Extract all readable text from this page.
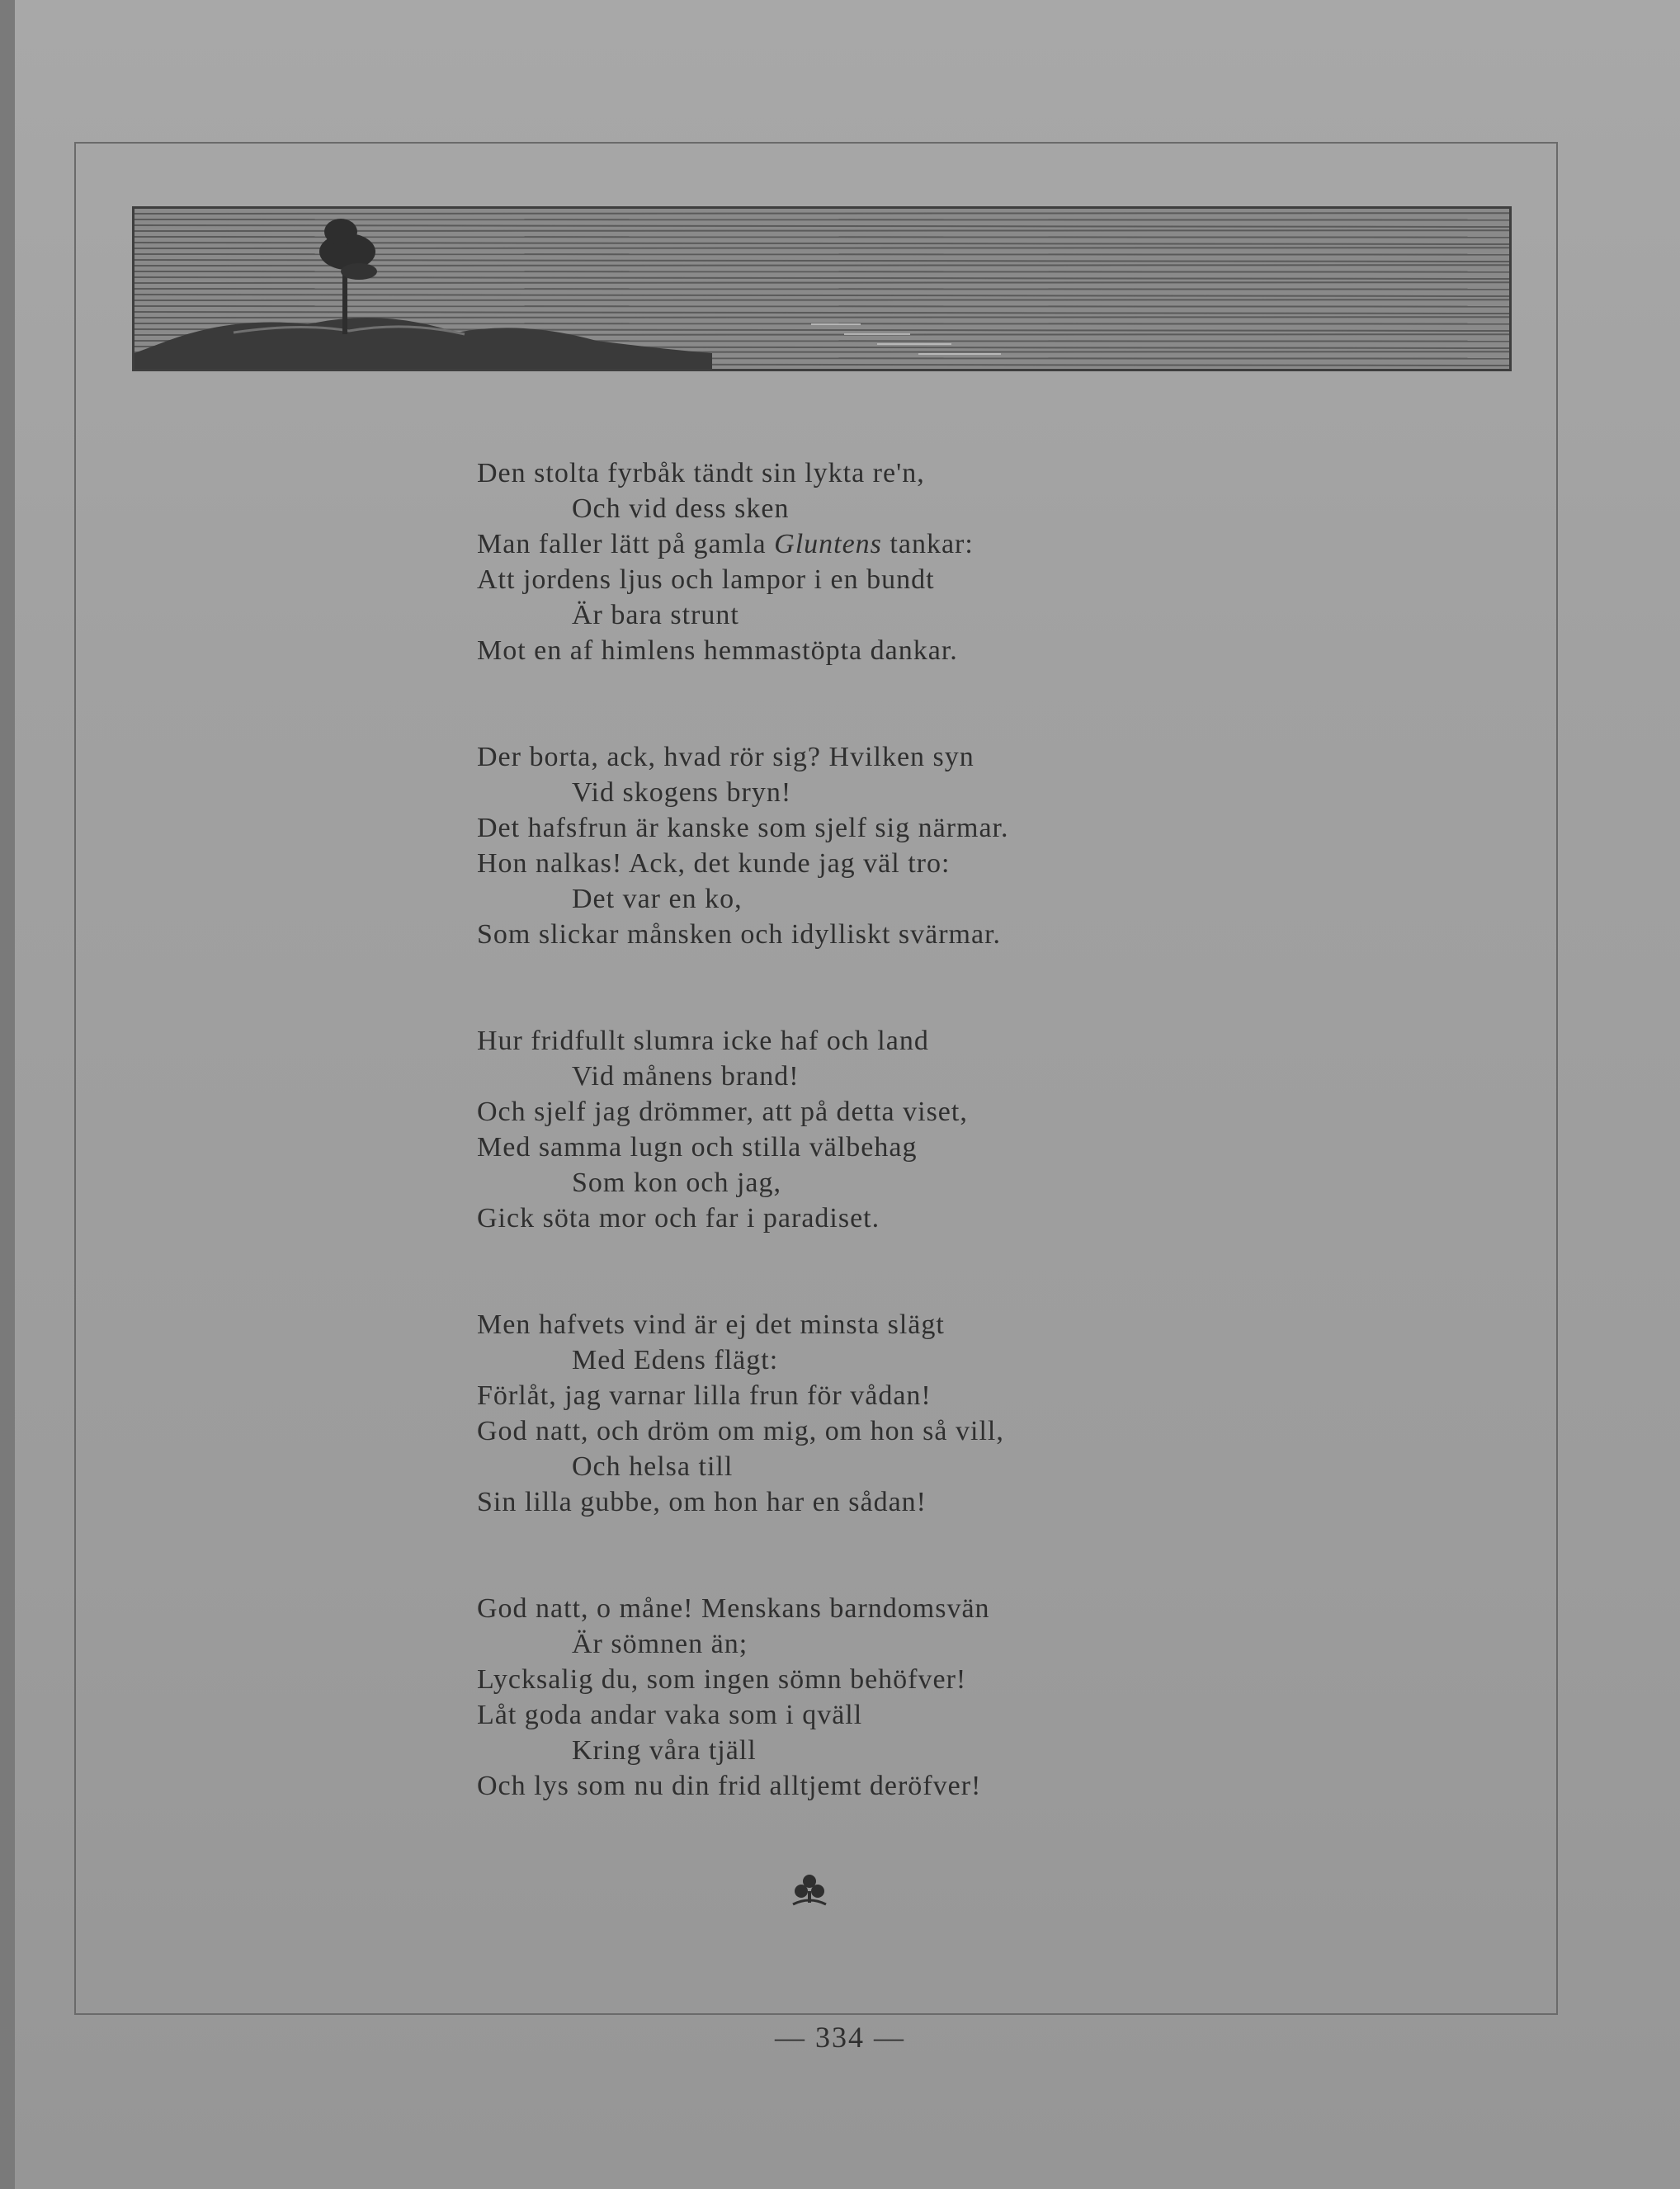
Den stolta fyrbåk tändt sin lykta re'n,
Och vid dess sken
Man faller lätt på gamla Gluntens tankar:
Att jordens ljus och lampor i en bundt
Är bara strunt
Mot en af himlens hemmastöpta dankar.
Der borta, ack, hvad rör sig? Hvilken syn
Vid skogens bryn!
Det hafsfrun är kanske som sjelf sig närmar.
Hon nalkas! Ack, det kunde jag väl tro:
Det var en ko,
Som slickar månsken och idylliskt svärmar.
Hur fridfullt slumra icke haf och land
Vid månens brand!
Och sjelf jag drömmer, att på detta viset,
Med samma lugn och stilla välbehag
Som kon och jag,
Gick söta mor och far i paradiset.
Men hafvets vind är ej det minsta slägt
Med Edens flägt:
Förlåt, jag varnar lilla frun för vådan!
God natt, och dröm om mig, om hon så vill,
Och helsa till
Sin lilla gubbe, om hon har en sådan!
God natt, o måne! Menskans barndomsvän
Är sömnen än;
Lycksalig du, som ingen sömn behöfver!
Låt goda andar vaka som i qväll
Kring våra tjäll
Och lys som nu din frid alltjemt deröfver!
— 334 —
